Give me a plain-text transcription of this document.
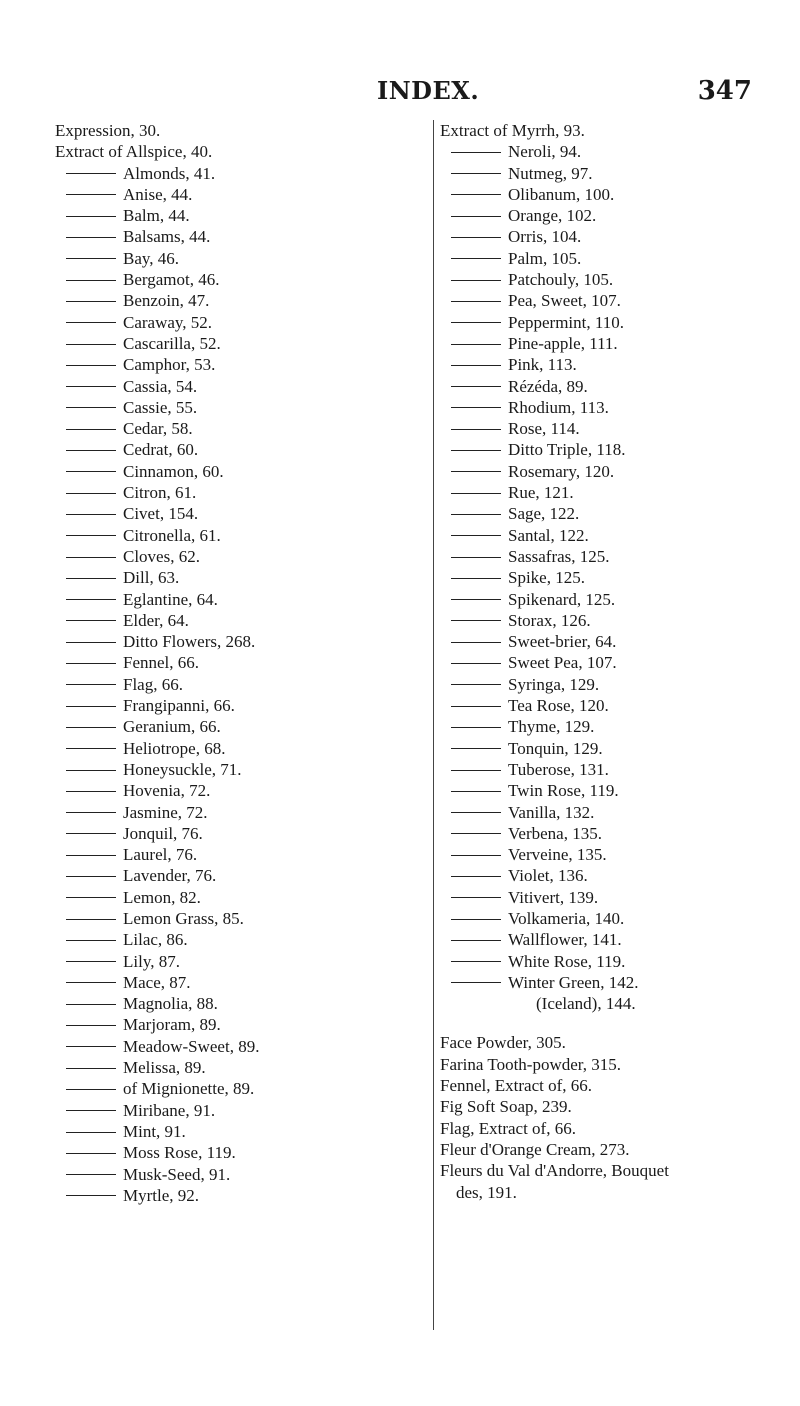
INDEX.	347
Expression, 30.
Extract of Allspice, 40.
Almonds, 41.
Anise, 44.
Balm, 44.
Balsams, 44.
Bay, 46.
Bergamot, 46.
Benzoin, 47.
Caraway, 52.
Cascarilla, 52.
Camphor, 53.
Cassia, 54.
Cassie, 55.
Cedar, 58.
Cedrat, 60.
Cinnamon, 60.
Citron, 61.
Civet, 154.
Citronella, 61.
Cloves, 62.
Dill, 63.
Eglantine, 64.
Elder, 64.
Ditto Flowers, 268.
Fennel, 66.
Flag, 66.
Frangipanni, 66.
Geranium, 66.
Heliotrope, 68.
Honeysuckle, 71.
Hovenia, 72.
Jasmine, 72.
Jonquil, 76.
Laurel, 76.
Lavender, 76.
Lemon, 82.
Lemon Grass, 85.
Lilac, 86.
Lily, 87.
Mace, 87.
Magnolia, 88.
Marjoram, 89.
Meadow-Sweet, 89.
Melissa, 89.
of Mignionette, 89.
Miribane, 91.
Mint, 91.
Moss Rose, 119.
Musk-Seed, 91.
Myrtle, 92.
Extract of Myrrh, 93.
Neroli, 94.
Nutmeg, 97.
Olibanum, 100.
Orange, 102.
Orris, 104.
Palm, 105.
Patchouly, 105.
Pea, Sweet, 107.
Peppermint, 110.
Pine-apple, 111.
Pink, 113.
Rézéda, 89.
Rhodium, 113.
Rose, 114.
Ditto Triple, 118.
Rosemary, 120.
Rue, 121.
Sage, 122.
Santal, 122.
Sassafras, 125.
Spike, 125.
Spikenard, 125.
Storax, 126.
Sweet-brier, 64.
Sweet Pea, 107.
Syringa, 129.
Tea Rose, 120.
Thyme, 129.
Tonquin, 129.
Tuberose, 131.
Twin Rose, 119.
Vanilla, 132.
Verbena, 135.
Verveine, 135.
Violet, 136.
Vitivert, 139.
Volkameria, 140.
Wallflower, 141.
White Rose, 119.
Winter Green, 142.
(Iceland), 144.
Face Powder, 305.
Farina Tooth-powder, 315.
Fennel, Extract of, 66.
Fig Soft Soap, 239.
Flag, Extract of, 66.
Fleur d'Orange Cream, 273.
Fleurs du Val d'Andorre, Bouquet
des, 191.
